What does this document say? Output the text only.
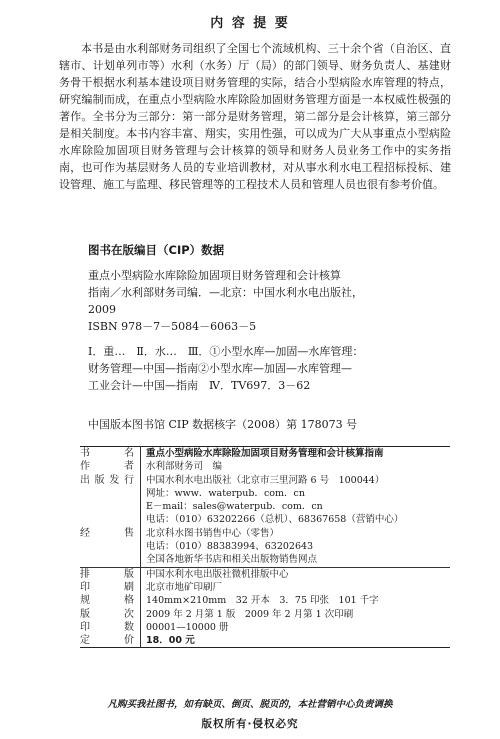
内 容 提 要
本书是由水利部财务司组织了全国七个流域机构、三十余个省（自治区、直辖市、计划单列市等）水利（水务）厅（局）的部门领导、财务负责人、基建财务骨干根据水利基本建设项目财务管理的实际，结合小型病险水库管理的特点，研究编制而成，在重点小型病险水库除险加固财务管理方面是一本权威性极强的著作。全书分为三部分：第一部分是财务管理，第二部分是会计核算，第三部分是相关制度。本书内容丰富、翔实，实用性强，可以成为广大从事重点小型病险水库除险加固项目财务管理与会计核算的领导和财务人员业务工作中的实务指南，也可作为基层财务人员的专业培训教材，对从事水利水电工程招标投标、建设管理、施工与监理、移民管理等的工程技术人员和管理人员也很有参考价值。
图书在版编目（CIP）数据

重点小型病险水库除险加固项目财务管理和会计核算

指南／水利部财务司编．—北京：中国水利水电出版社，

2009

ISBN 978－7－5084－6063－5

Ⅰ．重…　Ⅱ．水…　Ⅲ．①小型水库—加固—水库管理：

财务管理—中国—指南②小型水库—加固—水库管理—

工业会计—中国—指南　Ⅳ．TV697．3－62

中国版本图书馆 CIP 数据核字（2008）第 178073 号
书　　名	重点小型病险水库除险加固项目财务管理和会计核算指南
作　　者	水利部财务司　编
出版发行	中国水利水电出版社（北京市三里河路 6 号　100044）
	网址：www．waterpub．com．cn
	E－mail：sales@waterpub．com．cn
	电话：（010）63202266（总机）、68367658（营销中心）
经　　售	北京科水图书销售中心（零售）
	电话：（010）88383994、63202643
	全国各地新华书店和相关出版物销售网点
排　　版	中国水利水电出版社微机排版中心
印　　刷	北京市地矿印刷厂
规　　格	140mm×210mm　32 开本　3．75 印张　101 千字
版　　次	2009 年 2 月第 1 版　2009 年 2 月第 1 次印刷
印　　数	00001—10000 册
定　　价	18．00 元
凡购买我社图书，如有缺页、倒页、脱页的，本社营销中心负责调换
版权所有·侵权必究
